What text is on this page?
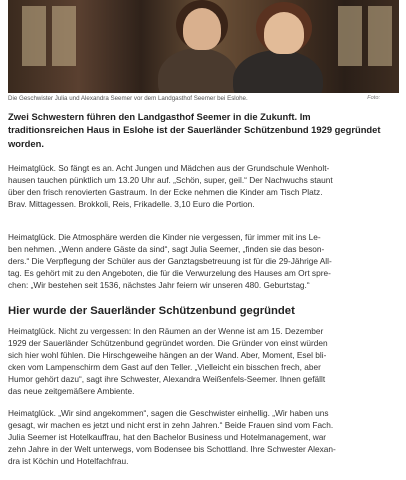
Die Geschwister Julia und Alexandra Seemer vor dem Landgasthof Seemer bei Eslohe.	Foto:

Zwei Schwestern führen den Landgasthof Seemer in die Zukunft. Im traditionsreichen Haus in Eslohe ist der Sauerländer Schützenbund 1929 gegründet worden.

Heimatglück. So fängt es an. Acht Jungen und Mädchen aus der Grundschule Wenholt-
hausen tauchen pünktlich um 13.20 Uhr auf. „Schön, super, geil.“ Der Nachwuchs staunt
über den frisch renovierten Gastraum. In der Ecke nehmen die Kinder am Tisch Platz.
Brav. Mittagessen. Brokkoli, Reis, Frikadelle. 3,10 Euro die Portion.

Heimatglück. Die Atmosphäre werden die Kinder nie vergessen, für immer mit ins Le-
ben nehmen. „Wenn andere Gäste da sind“, sagt Julia Seemer, „finden sie das beson-
ders.“ Die Verpflegung der Schüler aus der Ganztagsbetreuung ist für die 29-Jährige All-
tag. Es gehört mit zu den Angeboten, die für die Verwurzelung des Hauses am Ort spre-
chen: „Wir bestehen seit 1536, nächstes Jahr feiern wir unseren 480. Geburtstag.“

Hier wurde der Sauerländer Schützenbund gegründet

Heimatglück. Nicht zu vergessen: In den Räumen an der Wenne ist am 15. Dezember
1929 der Sauerländer Schützenbund gegründet worden. Die Gründer von einst würden
sich hier wohl fühlen. Die Hirschgeweihe hängen an der Wand. Aber, Moment, Esel bli-
cken vom Lampenschirm dem Gast auf den Teller. „Vielleicht ein bisschen frech, aber
Humor gehört dazu“, sagt ihre Schwester, Alexandra Weißenfels-Seemer. Ihnen gefällt
das neue zeitgemäßere Ambiente.

Heimatglück. „Wir sind angekommen“, sagen die Geschwister einhellig. „Wir haben uns
gesagt, wir machen es jetzt und nicht erst in zehn Jahren.“ Beide Frauen sind vom Fach.
Julia Seemer ist Hotelkauffrau, hat den Bachelor Business und Hotelmanagement, war
zehn Jahre in der Welt unterwegs, vom Bodensee bis Schottland. Ihre Schwester Alexan-
dra ist Köchin und Hotelfachfrau.
